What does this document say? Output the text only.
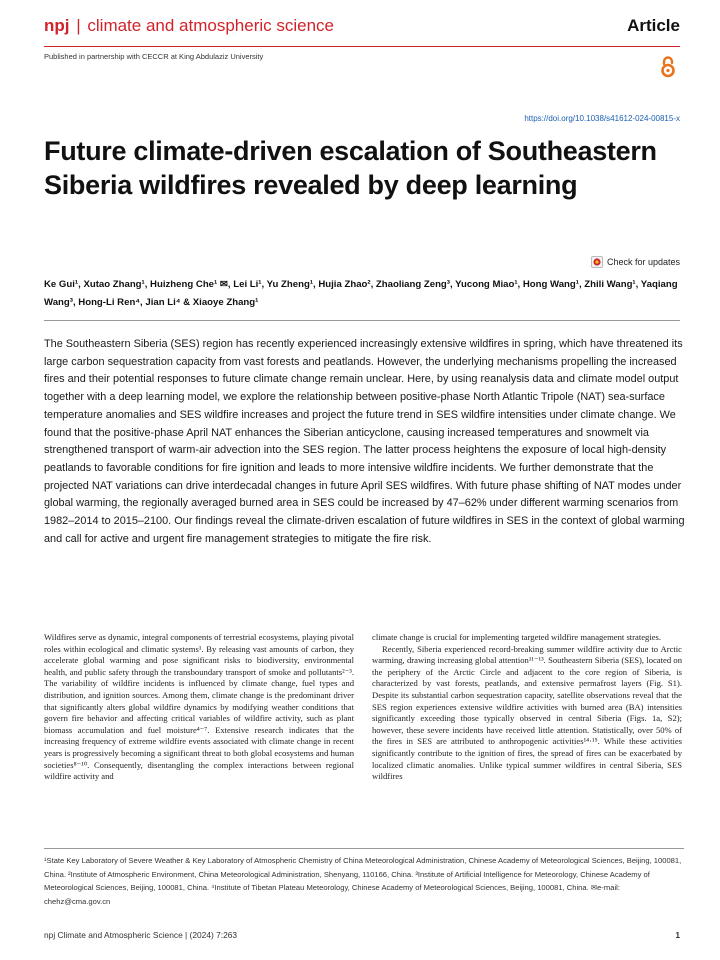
npj | climate and atmospheric science	Article
Published in partnership with CECCR at King Abdulaziz University
https://doi.org/10.1038/s41612-024-00815-x
Future climate-driven escalation of Southeastern Siberia wildfires revealed by deep learning
Check for updates
Ke Gui¹, Xutao Zhang¹, Huizheng Che¹ ✉, Lei Li¹, Yu Zheng¹, Hujia Zhao², Zhaoliang Zeng³, Yucong Miao¹, Hong Wang¹, Zhili Wang¹, Yaqiang Wang³, Hong-Li Ren⁴, Jian Li⁴ & Xiaoye Zhang¹
The Southeastern Siberia (SES) region has recently experienced increasingly extensive wildfires in spring, which have threatened its large carbon sequestration capacity from vast forests and peatlands. However, the underlying mechanisms propelling the increased fires and their potential responses to future climate change remain unclear. Here, by using reanalysis data and climate model output together with a deep learning model, we explore the relationship between positive-phase North Atlantic Tripole (NAT) sea-surface temperature anomalies and SES wildfire increases and project the future trend in SES wildfire intensities under climate change. We found that the positive-phase April NAT enhances the Siberian anticyclone, causing increased temperatures and snowmelt via strengthened transport of warm-air advection into the SES region. The latter process heightens the exposure of local high-density peatlands to favorable conditions for fire ignition and leads to more intensive wildfire incidents. We further demonstrate that the projected NAT variations can drive interdecadal changes in future April SES wildfires. With future phase shifting of NAT modes under global warming, the regionally averaged burned area in SES could be increased by 47–62% under different warming scenarios from 1982–2014 to 2015–2100. Our findings reveal the climate-driven escalation of future wildfires in SES in the context of global warming and call for active and urgent fire management strategies to mitigate the fire risk.

Wildfires serve as dynamic, integral components of terrestrial ecosystems, playing pivotal roles within ecological and climatic systems¹. By releasing vast amounts of carbon, they accelerate global warming and pose significant risks to biodiversity, environmental health, and public safety through the transboundary transport of smoke and pollutants²⁻³. The variability of wildfire incidents is influenced by climate change, fuel types and distribution, and ignition sources. Among them, climate change is the predominant driver that significantly alters global wildfire dynamics by modifying weather conditions that govern fire behavior and affecting critical variables of wildfire activity, such as plant biomass accumulation and fuel moisture⁴⁻⁷. Extensive research indicates that the increasing frequency of extreme wildfire events associated with climate change in recent years is progressively becoming a significant threat to both global ecosystems and human societies⁸⁻¹⁰. Consequently, disentangling the complex interactions between regional wildfire activity and

climate change is crucial for implementing targeted wildfire management strategies.

Recently, Siberia experienced record-breaking summer wildfire activity due to Arctic warming, drawing increasing global attention¹¹⁻¹³. Southeastern Siberia (SES), located on the periphery of the Arctic Circle and adjacent to the core region of Siberia, is characterized by vast forests, peatlands, and extensive permafrost layers (Fig. S1). Despite its substantial carbon sequestration capacity, satellite observations reveal that the SES region experiences extensive wildfire activities with burned area (BA) intensities significantly exceeding those typically observed in central Siberia (Figs. 1a, S2); however, these severe incidents have received little attention. Statistically, over 50% of the fires in SES are attributed to anthropogenic activities¹⁴·¹⁵. While these activities significantly contribute to the ignition of fires, the spread of fires can be exacerbated by localized climatic anomalies. Unlike typical summer wildfires in central Siberia, SES wildfires

¹State Key Laboratory of Severe Weather & Key Laboratory of Atmospheric Chemistry of China Meteorological Administration, Chinese Academy of Meteorological Sciences, Beijing, 100081, China. ²Institute of Atmospheric Environment, China Meteorological Administration, Shenyang, 110166, China. ³Institute of Artificial Intelligence for Meteorology, Chinese Academy of Meteorological Sciences, Beijing, 100081, China. ⁴Institute of Tibetan Plateau Meteorology, Chinese Academy of Meteorological Sciences, Beijing, 100081, China. ✉e-mail: chehz@cma.gov.cn
npj Climate and Atmospheric Science | (2024) 7:263	1
